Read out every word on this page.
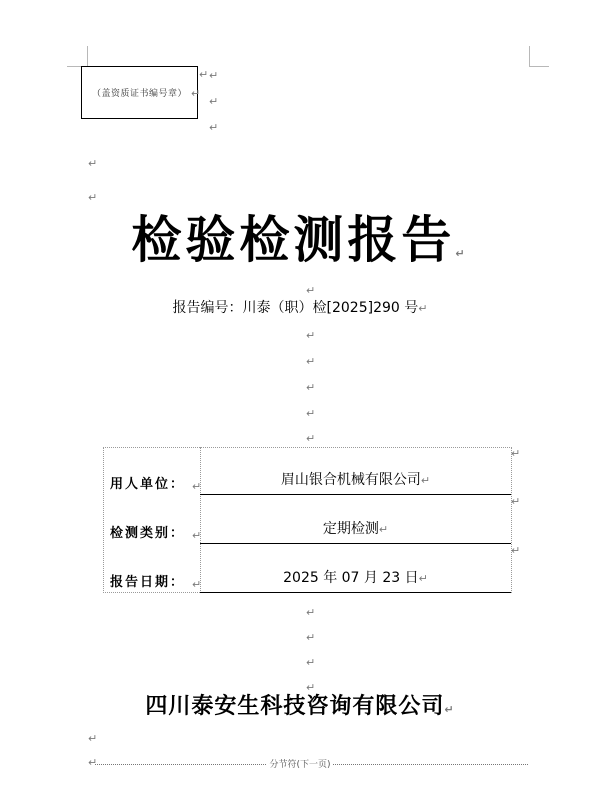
（盖资质证书编号章）
↵ ↵
↵
↵
↵
↵
↵
检验检测报告↵
↵
报告编号：川泰（职）检[2025]290 号↵
↵
↵
↵
↵
↵
用人单位： ↵	眉山银合机械有限公司↵
↵
↵
检测类别： ↵	定期检测↵
↵
报告日期： ↵	2025 年 07 月 23 日↵
↵
↵
↵
↵
四川泰安生科技咨询有限公司↵
↵
↵	分节符(下一页)
